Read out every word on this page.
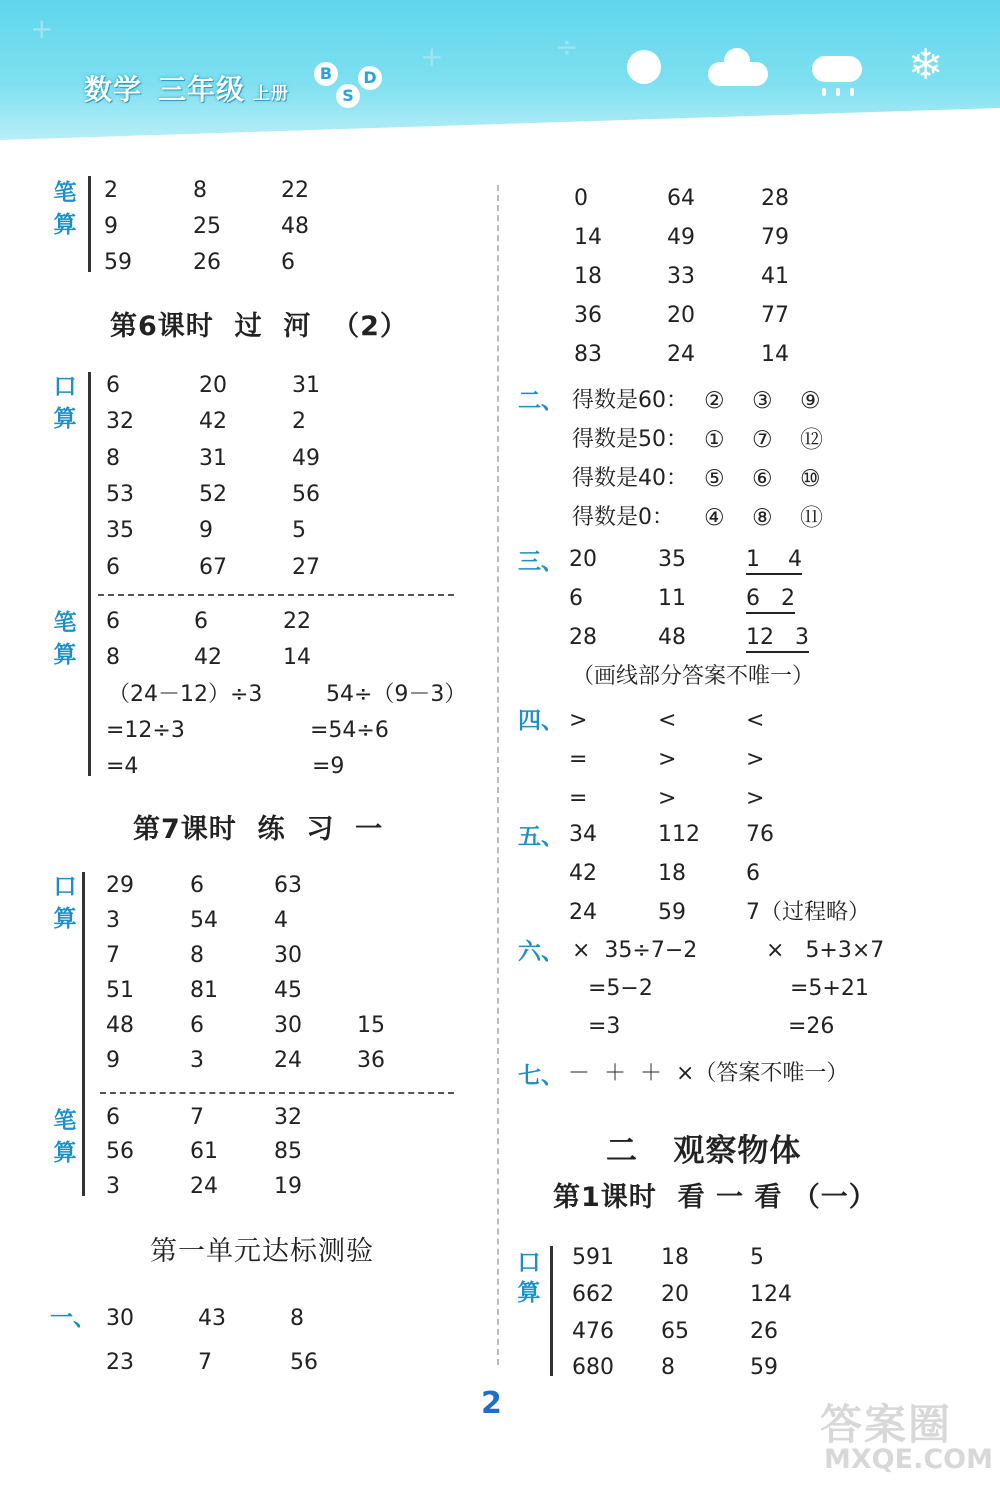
+
+	÷
数学 三年级 上册
B
S
D	❄
笔
算
2	8	22
9	25	48
59	26	6
第6课时  过  河  （2）
口
算
6	20	31
32	42	2
8	31	49
53	52	56
35	9	5
6	67	27
笔
算
6	6	22
8	42	14
（24－12）÷3	54÷（9－3）
=12÷3	=54÷6
=4	=9
第7课时  练  习  一
口
算
29	6	63
3	54	4
7	8	30
51	81	45
48	6	30	15
9	3	24	36
笔
算
6	7	32
56	61	85
3	24	19
第一单元达标测验
一、 30	43	8
23	7	56
0	64	28
14	49	79
18	33	41
36	20	77
83	24	14
二、 得数是60： ② ③ ⑨
得数是50： ① ⑦ ⑫
得数是40： ⑤ ⑥ ⑩
得数是0： ④ ⑧ ⑪
三、 20	35	1    4
6	11	6   2
28	48	12   3
（画线部分答案不唯一）
四、 >	<	<
=	>	>
=	>	>
五、 34	112 76
42	18	6
24	59	7（过程略）
六、 ×  35÷7−2	×   5+3×7
=5−2	=5+21
=3	=26
七、 －  ＋  ＋  ×（答案不唯一）
二   观察物体
第1课时  看 一 看 （一）
口
算
591 18	5
662 20	124
476 65	26
680 8	59
2	答案圈
MXQE.COM
